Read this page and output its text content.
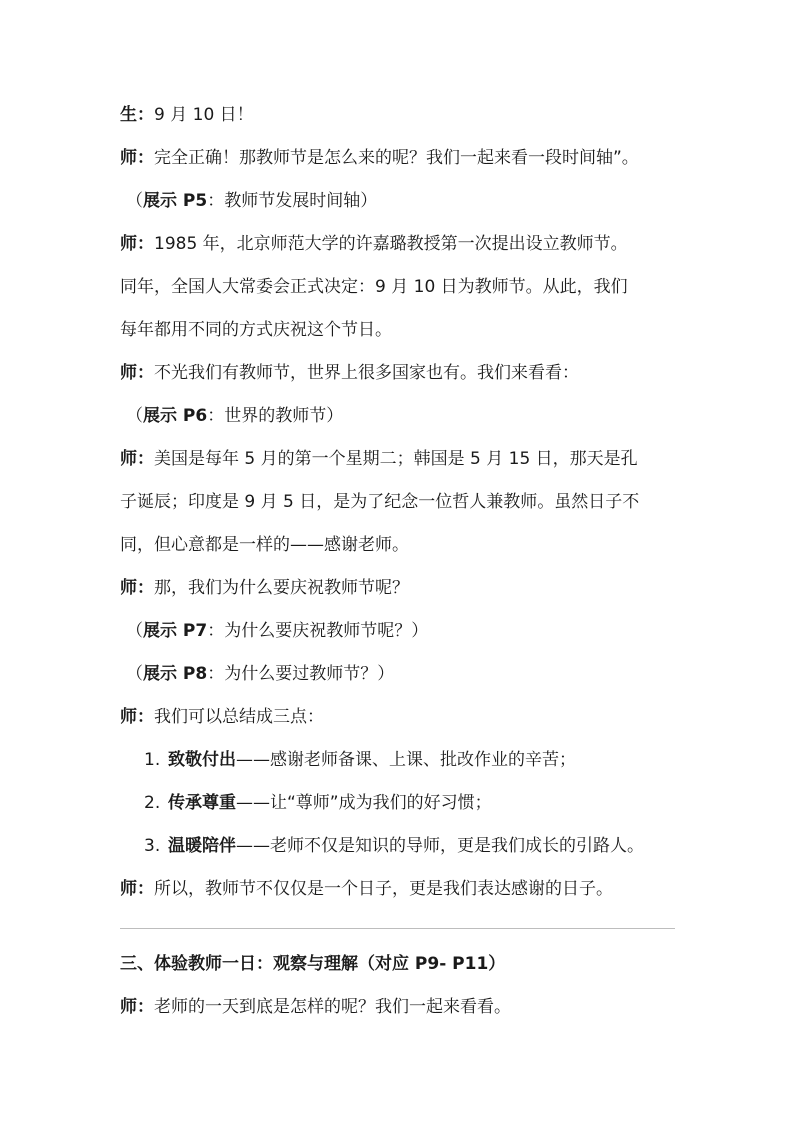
生：9 月 10 日！
师：完全正确！那教师节是怎么来的呢？我们一起来看一段时间轴”。
（展示 P5：教师节发展时间轴）
师：1985 年，北京师范大学的许嘉璐教授第一次提出设立教师节。
同年，全国人大常委会正式决定：9 月 10 日为教师节。从此，我们
每年都用不同的方式庆祝这个节日。
师：不光我们有教师节，世界上很多国家也有。我们来看看：
（展示 P6：世界的教师节）
师：美国是每年 5 月的第一个星期二；韩国是 5 月 15 日，那天是孔
子诞辰；印度是 9 月 5 日，是为了纪念一位哲人兼教师。虽然日子不
同，但心意都是一样的——感谢老师。
师：那，我们为什么要庆祝教师节呢？
（展示 P7：为什么要庆祝教师节呢？）
（展示 P8：为什么要过教师节？）
师：我们可以总结成三点：
1. 致敬付出——感谢老师备课、上课、批改作业的辛苦；
2. 传承尊重——让“尊师”成为我们的好习惯；
3. 温暖陪伴——老师不仅是知识的导师，更是我们成长的引路人。
师：所以，教师节不仅仅是一个日子，更是我们表达感谢的日子。
三、体验教师一日：观察与理解（对应 P9- P11）
师：老师的一天到底是怎样的呢？我们一起来看看。
